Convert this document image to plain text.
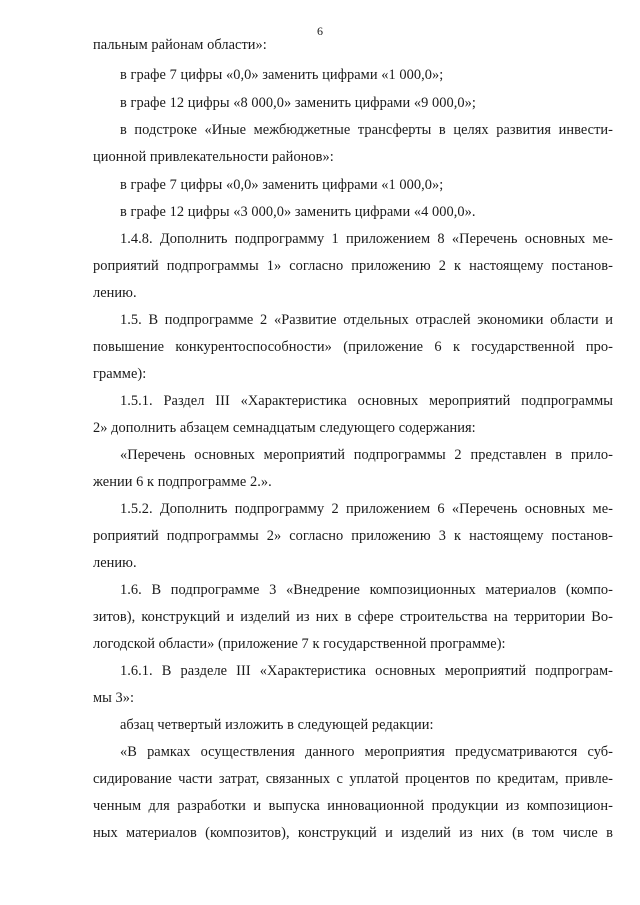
6
пальным районам области»:
в графе 7 цифры «0,0» заменить цифрами «1 000,0»;
в графе 12 цифры «8 000,0» заменить цифрами «9 000,0»;
в подстроке «Иные межбюджетные трансферты в целях развития инвести-
ционной привлекательности районов»:
в графе 7 цифры «0,0» заменить цифрами «1 000,0»;
в графе 12 цифры «3 000,0» заменить цифрами «4 000,0».
1.4.8. Дополнить подпрограмму 1 приложением 8 «Перечень основных ме-
роприятий подпрограммы 1» согласно приложению 2 к настоящему постанов-
лению.
1.5. В подпрограмме 2 «Развитие отдельных отраслей экономики области и
повышение конкурентоспособности» (приложение 6 к государственной про-
грамме):
1.5.1. Раздел III «Характеристика основных мероприятий подпрограммы
2» дополнить абзацем семнадцатым следующего содержания:
«Перечень основных мероприятий подпрограммы 2 представлен в прило-
жении 6 к подпрограмме 2.».
1.5.2. Дополнить подпрограмму 2 приложением 6 «Перечень основных ме-
роприятий подпрограммы 2» согласно приложению 3 к настоящему постанов-
лению.
1.6. В подпрограмме 3 «Внедрение композиционных материалов (компо-
зитов), конструкций и изделий из них в сфере строительства на территории Во-
логодской области» (приложение 7 к государственной программе):
1.6.1. В разделе III «Характеристика основных мероприятий подпрограм-
мы 3»:
абзац четвертый изложить в следующей редакции:
«В рамках осуществления данного мероприятия предусматриваются суб-
сидирование части затрат, связанных с уплатой процентов по кредитам, привле-
ченным для разработки и выпуска инновационной продукции из композицион-
ных материалов (композитов), конструкций и изделий из них (в том числе в
